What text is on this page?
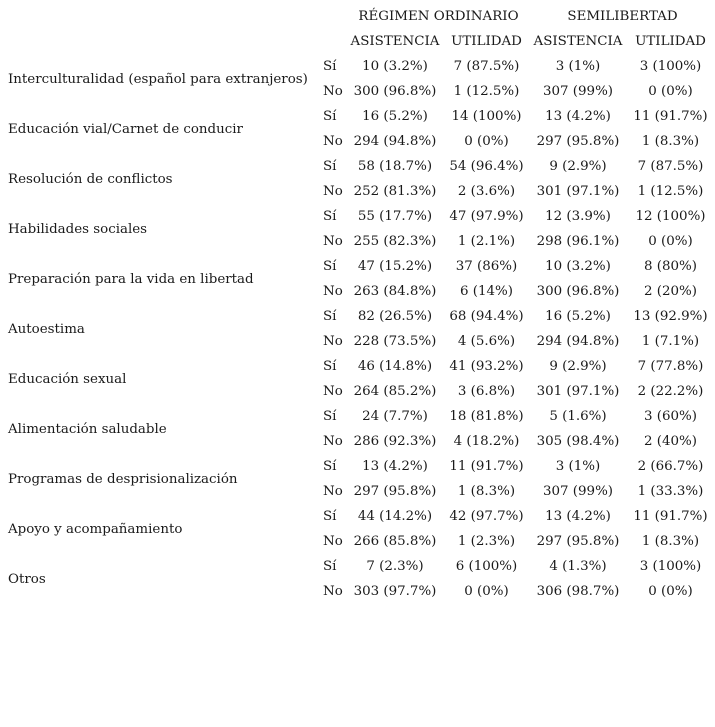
		RÉGIMEN ORDINARIO		SEMILIBERTAD	
		ASISTENCIA	UTILIDAD	ASISTENCIA	UTILIDAD
Interculturalidad (español para extranjeros)	Sí	10 (3.2%)	7 (87.5%)	3 (1%)	3 (100%)
	No	300 (96.8%)	1 (12.5%)	307 (99%)	0 (0%)
Educación vial/Carnet de conducir	Sí	16 (5.2%)	14 (100%)	13 (4.2%)	11 (91.7%)
	No	294 (94.8%)	0 (0%)	297 (95.8%)	1 (8.3%)
Resolución de conflictos	Sí	58 (18.7%)	54 (96.4%)	9 (2.9%)	7 (87.5%)
	No	252 (81.3%)	2 (3.6%)	301 (97.1%)	1 (12.5%)
Habilidades sociales	Sí	55 (17.7%)	47 (97.9%)	12 (3.9%)	12 (100%)
	No	255 (82.3%)	1 (2.1%)	298 (96.1%)	0 (0%)
Preparación para la vida en libertad	Sí	47 (15.2%)	37 (86%)	10 (3.2%)	8 (80%)
	No	263 (84.8%)	6 (14%)	300 (96.8%)	2 (20%)
Autoestima	Sí	82 (26.5%)	68 (94.4%)	16 (5.2%)	13 (92.9%)
	No	228 (73.5%)	4 (5.6%)	294 (94.8%)	1 (7.1%)
Educación sexual	Sí	46 (14.8%)	41 (93.2%)	9 (2.9%)	7 (77.8%)
	No	264 (85.2%)	3 (6.8%)	301 (97.1%)	2 (22.2%)
Alimentación saludable	Sí	24 (7.7%)	18 (81.8%)	5 (1.6%)	3 (60%)
	No	286 (92.3%)	4 (18.2%)	305 (98.4%)	2 (40%)
Programas de desprisionalización	Sí	13 (4.2%)	11 (91.7%)	3 (1%)	2 (66.7%)
	No	297 (95.8%)	1 (8.3%)	307 (99%)	1 (33.3%)
Apoyo y acompañamiento	Sí	44 (14.2%)	42 (97.7%)	13 (4.2%)	11 (91.7%)
	No	266 (85.8%)	1 (2.3%)	297 (95.8%)	1 (8.3%)
Otros	Sí	7 (2.3%)	6 (100%)	4 (1.3%)	3 (100%)
	No	303 (97.7%)	0 (0%)	306 (98.7%)	0 (0%)
